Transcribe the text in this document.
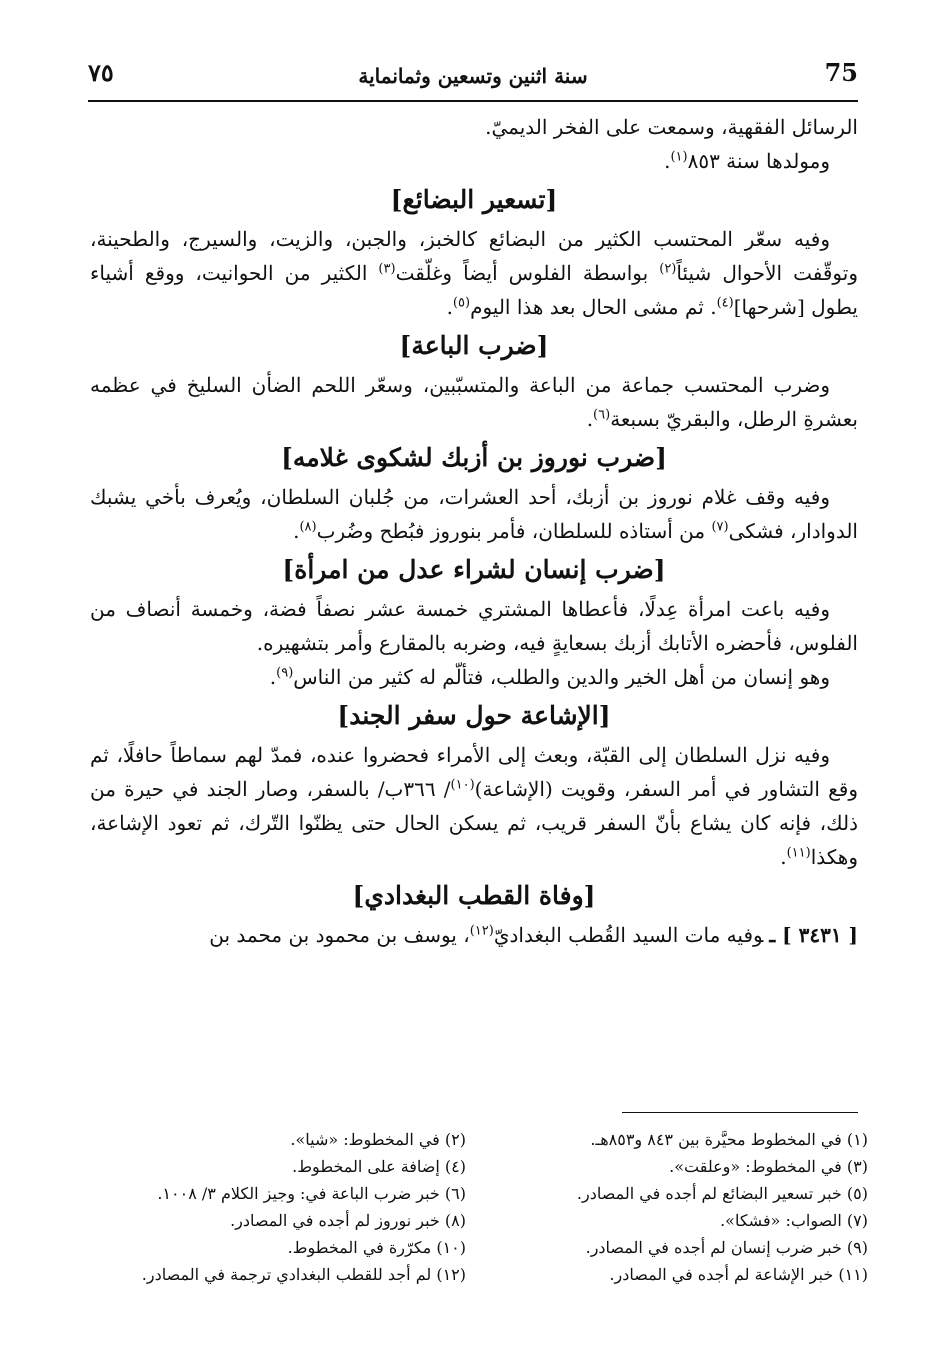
٧٥	سنة اثنين وتسعين وثمانماية	75

الرسائل الفقهية، وسمعت على الفخر الديميّ.

ومولدها سنة ٨٥٣$^{(١)}$.

[تسعير البضائع]

وفيه سعّر المحتسب الكثير من البضائع كالخبز، والجبن، والزيت، والسيرج، والطحينة، وتوقّفت الأحوال شيئاً$^{(٢)}$ بواسطة الفلوس أيضاً وغلّقت$^{(٣)}$ الكثير من الحوانيت، ووقع أشياء يطول [شرحها]$^{(٤)}$. ثم مشى الحال بعد هذا اليوم$^{(٥)}$.

[ضرب الباعة]

وضرب المحتسب جماعة من الباعة والمتسبّبين، وسعّر اللحم الضأن السليخ في عظمه بعشرةِ الرطل، والبقريّ بسبعة$^{(٦)}$.

[ضرب نوروز بن أزبك لشكوى غلامه]

وفيه وقف غلام نوروز بن أزبك، أحد العشرات، من جُلبان السلطان، ويُعرف بأخي يشبك الدوادار، فشكى$^{(٧)}$ من أستاذه للسلطان، فأمر بنوروز فبُطح وضُرب$^{(٨)}$.

[ضرب إنسان لشراء عدل من امرأة]

وفيه باعت امرأة عِدلًا، فأعطاها المشتري خمسة عشر نصفاً فضة، وخمسة أنصاف من الفلوس، فأحضره الأتابك أزبك بسعايةٍ فيه، وضربه بالمقارع وأمر بتشهيره.

وهو إنسان من أهل الخير والدين والطلب، فتألّم له كثير من الناس$^{(٩)}$.

[الإشاعة حول سفر الجند]

وفيه نزل السلطان إلى القبّة، وبعث إلى الأمراء فحضروا عنده، فمدّ لهم سماطاً حافلًا، ثم وقع التشاور في أمر السفر، وقويت (الإشاعة)$^{(١٠)}$/ ٣٦٦ب/ بالسفر، وصار الجند في حيرة من ذلك، فإنه كان يشاع بأنّ السفر قريب، ثم يسكن الحال حتى يظنّوا التّرك، ثم تعود الإشاعة، وهكذا$^{(١١)}$.

[وفاة القطب البغدادي]

[ ٣٤٣١ ] ـوفيه مات السيد القُطب البغداديّ$^{(١٢)}$، يوسف بن محمود بن محمد بن

(١) في المخطوط محيَّرة بين ٨٤٣ و٨٥٣هـ.
(٢) في المخطوط: «شيا».
(٣) في المخطوط: «وعلقت».
(٤) إضافة على المخطوط.
(٥) خبر تسعير البضائع لم أجده في المصادر.
(٦) خبر ضرب الباعة في: وجيز الكلام ٣/ ١٠٠٨.
(٧) الصواب: «فشكا».
(٨) خبر نوروز لم أجده في المصادر.
(٩) خبر ضرب إنسان لم أجده في المصادر.
(١٠) مكرّرة في المخطوط.
(١١) خبر الإشاعة لم أجده في المصادر.
(١٢) لم أجد للقطب البغدادي ترجمة في المصادر.
